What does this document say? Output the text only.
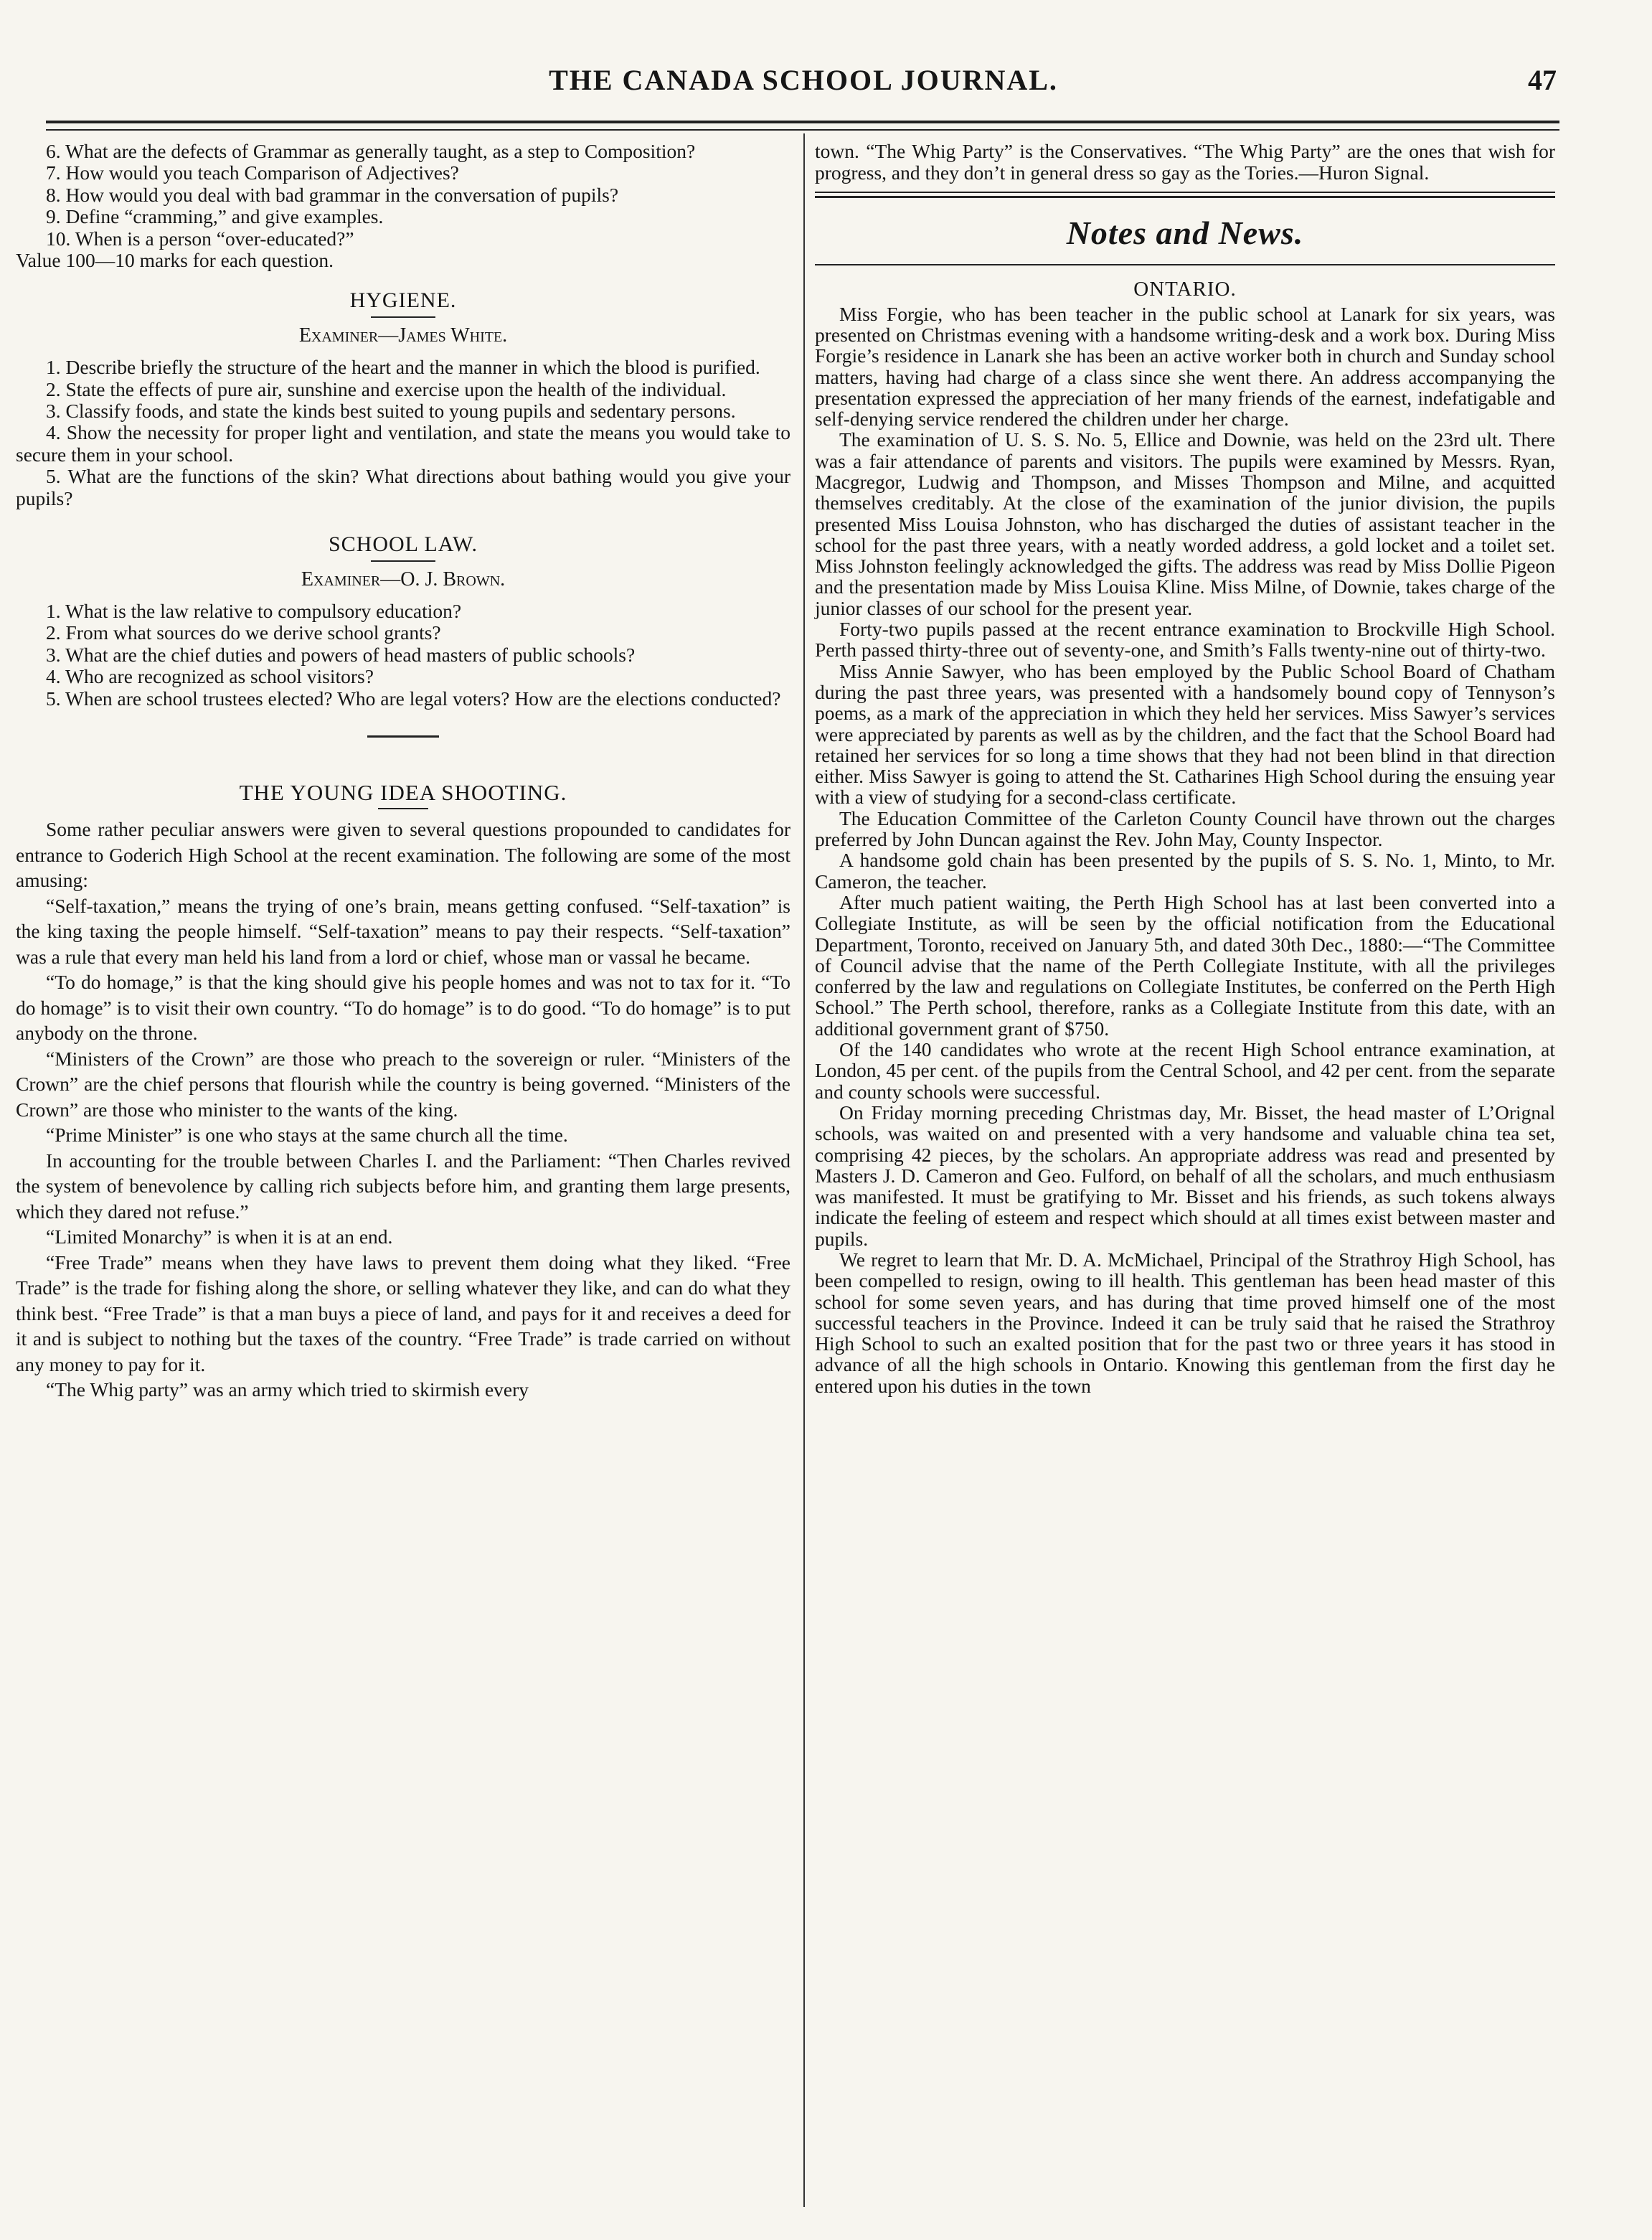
THE CANADA SCHOOL JOURNAL.	47

6. What are the defects of Grammar as generally taught, as a step to Composition?

7. How would you teach Comparison of Adjectives?

8. How would you deal with bad grammar in the conversation of pupils?

9. Define “cramming,” and give examples.

10. When is a person “over-educated?”

Value 100—10 marks for each question.

HYGIENE.
Examiner—James White.

1. Describe briefly the structure of the heart and the manner in which the blood is purified.

2. State the effects of pure air, sunshine and exercise upon the health of the individual.

3. Classify foods, and state the kinds best suited to young pupils and sedentary persons.

4. Show the necessity for proper light and ventilation, and state the means you would take to secure them in your school.

5. What are the functions of the skin? What directions about bathing would you give your pupils?

SCHOOL LAW.
Examiner—O. J. Brown.

1. What is the law relative to compulsory education?

2. From what sources do we derive school grants?

3. What are the chief duties and powers of head masters of public schools?

4. Who are recognized as school visitors?

5. When are school trustees elected? Who are legal voters? How are the elections conducted?

THE YOUNG IDEA SHOOTING.

Some rather peculiar answers were given to several questions propounded to candidates for entrance to Goderich High School at the recent examination. The following are some of the most amusing:

“Self-taxation,” means the trying of one’s brain, means getting confused. “Self-taxation” is the king taxing the people himself. “Self-taxation” means to pay their respects. “Self-taxation” was a rule that every man held his land from a lord or chief, whose man or vassal he became.

“To do homage,” is that the king should give his people homes and was not to tax for it. “To do homage” is to visit their own country. “To do homage” is to do good. “To do homage” is to put anybody on the throne.

“Ministers of the Crown” are those who preach to the sovereign or ruler. “Ministers of the Crown” are the chief persons that flourish while the country is being governed. “Ministers of the Crown” are those who minister to the wants of the king.

“Prime Minister” is one who stays at the same church all the time.

In accounting for the trouble between Charles I. and the Parliament: “Then Charles revived the system of benevolence by calling rich subjects before him, and granting them large presents, which they dared not refuse.”

“Limited Monarchy” is when it is at an end.

“Free Trade” means when they have laws to prevent them doing what they liked. “Free Trade” is the trade for fishing along the shore, or selling whatever they like, and can do what they think best. “Free Trade” is that a man buys a piece of land, and pays for it and receives a deed for it and is subject to nothing but the taxes of the country. “Free Trade” is trade carried on without any money to pay for it.

“The Whig party” was an army which tried to skirmish every

town. “The Whig Party” is the Conservatives. “The Whig Party” are the ones that wish for progress, and they don’t in general dress so gay as the Tories.—Huron Signal.

Notes and News.
ONTARIO.

Miss Forgie, who has been teacher in the public school at Lanark for six years, was presented on Christmas evening with a handsome writing-desk and a work box. During Miss Forgie’s residence in Lanark she has been an active worker both in church and Sunday school matters, having had charge of a class since she went there. An address accompanying the presentation expressed the appreciation of her many friends of the earnest, indefatigable and self-denying service rendered the children under her charge.

The examination of U. S. S. No. 5, Ellice and Downie, was held on the 23rd ult. There was a fair attendance of parents and visitors. The pupils were examined by Messrs. Ryan, Macgregor, Ludwig and Thompson, and Misses Thompson and Milne, and acquitted themselves creditably. At the close of the examination of the junior division, the pupils presented Miss Louisa Johnston, who has discharged the duties of assistant teacher in the school for the past three years, with a neatly worded address, a gold locket and a toilet set. Miss Johnston feelingly acknowledged the gifts. The address was read by Miss Dollie Pigeon and the presentation made by Miss Louisa Kline. Miss Milne, of Downie, takes charge of the junior classes of our school for the present year.

Forty-two pupils passed at the recent entrance examination to Brockville High School. Perth passed thirty-three out of seventy-one, and Smith’s Falls twenty-nine out of thirty-two.

Miss Annie Sawyer, who has been employed by the Public School Board of Chatham during the past three years, was presented with a handsomely bound copy of Tennyson’s poems, as a mark of the appreciation in which they held her services. Miss Sawyer’s services were appreciated by parents as well as by the children, and the fact that the School Board had retained her services for so long a time shows that they had not been blind in that direction either. Miss Sawyer is going to attend the St. Catharines High School during the ensuing year with a view of studying for a second-class certificate.

The Education Committee of the Carleton County Council have thrown out the charges preferred by John Duncan against the Rev. John May, County Inspector.

A handsome gold chain has been presented by the pupils of S. S. No. 1, Minto, to Mr. Cameron, the teacher.

After much patient waiting, the Perth High School has at last been converted into a Collegiate Institute, as will be seen by the official notification from the Educational Department, Toronto, received on January 5th, and dated 30th Dec., 1880:—“The Committee of Council advise that the name of the Perth Collegiate Institute, with all the privileges conferred by the law and regulations on Collegiate Institutes, be conferred on the Perth High School.” The Perth school, therefore, ranks as a Collegiate Institute from this date, with an additional government grant of $750.

Of the 140 candidates who wrote at the recent High School entrance examination, at London, 45 per cent. of the pupils from the Central School, and 42 per cent. from the separate and county schools were successful.

On Friday morning preceding Christmas day, Mr. Bisset, the head master of L’Orignal schools, was waited on and presented with a very handsome and valuable china tea set, comprising 42 pieces, by the scholars. An appropriate address was read and presented by Masters J. D. Cameron and Geo. Fulford, on behalf of all the scholars, and much enthusiasm was manifested. It must be gratifying to Mr. Bisset and his friends, as such tokens always indicate the feeling of esteem and respect which should at all times exist between master and pupils.

We regret to learn that Mr. D. A. McMichael, Principal of the Strathroy High School, has been compelled to resign, owing to ill health. This gentleman has been head master of this school for some seven years, and has during that time proved himself one of the most successful teachers in the Province. Indeed it can be truly said that he raised the Strathroy High School to such an exalted position that for the past two or three years it has stood in advance of all the high schools in Ontario. Knowing this gentleman from the first day he entered upon his duties in the town
